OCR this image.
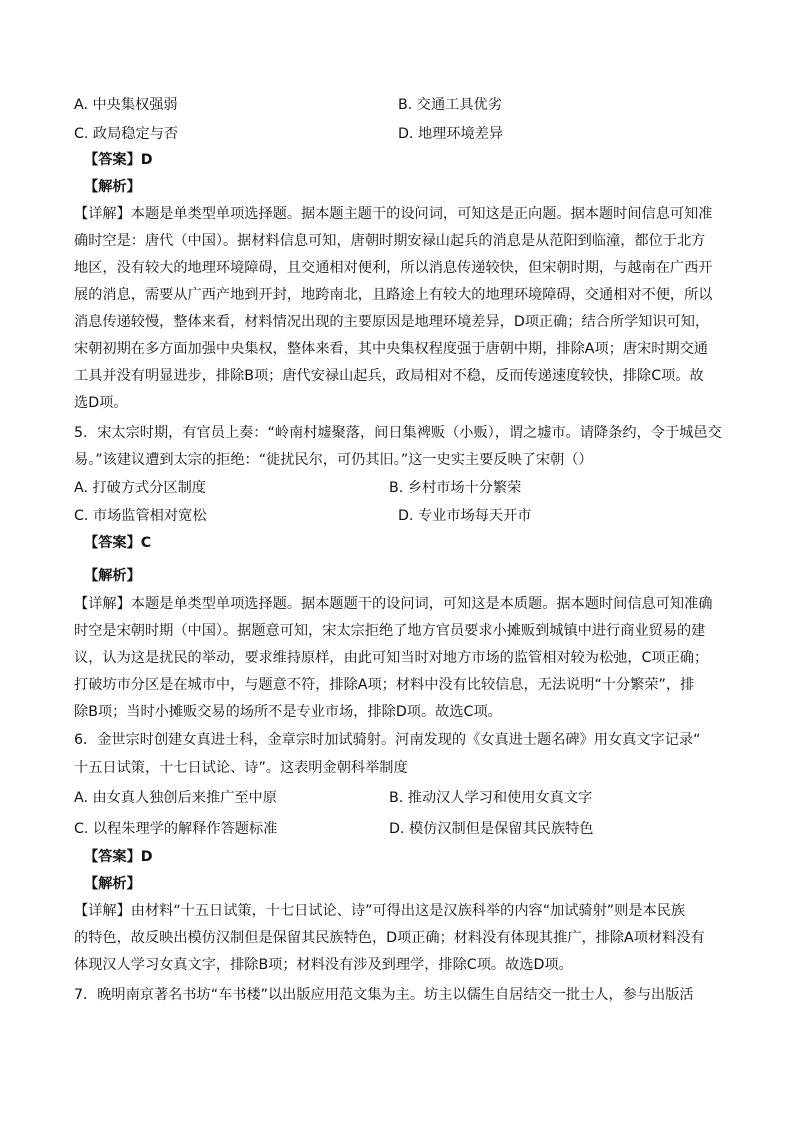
A. 中央集权强弱	B. 交通工具优劣
C. 政局稳定与否	D. 地理环境差异
【答案】D
【解析】
【详解】本题是单类型单项选择题。据本题主题干的设问词，可知这是正向题。据本题时间信息可知准
确时空是：唐代（中国）。据材料信息可知，唐朝时期安禄山起兵的消息是从范阳到临潼，都位于北方
地区，没有较大的地理环境障碍，且交通相对便利，所以消息传递较快，但宋朝时期，与越南在广西开
展的消息，需要从广西产地到开封，地跨南北，且路途上有较大的地理环境障碍，交通相对不便，所以
消息传递较慢，整体来看，材料情况出现的主要原因是地理环境差异，D项正确；结合所学知识可知，
宋朝初期在多方面加强中央集权，整体来看，其中央集权程度强于唐朝中期，排除A项；唐宋时期交通
工具并没有明显进步，排除B项；唐代安禄山起兵，政局相对不稳，反而传递速度较快，排除C项。故
选D项。
5．宋太宗时期，有官员上奏：“岭南村墟聚落，间日集裨贩（小贩），谓之墟市。请降条约，令于城邑交
易。”该建议遭到太宗的拒绝：“徙扰民尔，可仍其旧。”这一史实主要反映了宋朝（）
A. 打破方式分区制度	B. 乡村市场十分繁荣
C. 市场监管相对宽松	D. 专业市场每天开市
【答案】C
【解析】
【详解】本题是单类型单项选择题。据本题题干的设问词，可知这是本质题。据本题时间信息可知准确
时空是宋朝时期（中国）。据题意可知，宋太宗拒绝了地方官员要求小摊贩到城镇中进行商业贸易的建
议，认为这是扰民的举动，要求维持原样，由此可知当时对地方市场的监管相对较为松弛，C项正确；
打破坊市分区是在城市中，与题意不符，排除A项；材料中没有比较信息，无法说明“十分繁荣”，排
除B项；当时小摊贩交易的场所不是专业市场，排除D项。故选C项。
6．金世宗时创建女真进士科，金章宗时加试骑射。河南发现的《女真进士题名碑》用女真文字记录“
十五日试策，十七日试论、诗”。这表明金朝科举制度
A. 由女真人独创后来推广至中原	B. 推动汉人学习和使用女真文字
C. 以程朱理学的解释作答题标准	D. 模仿汉制但是保留其民族特色
【答案】D
【解析】
【详解】由材料“十五日试策，十七日试论、诗”可得出这是汉族科举的内容“加试骑射”则是本民族
的特色，故反映出模仿汉制但是保留其民族特色，D项正确；材料没有体现其推广，排除A项材料没有
体现汉人学习女真文字，排除B项；材料没有涉及到理学，排除C项。故选D项。
7．晚明南京著名书坊“车书楼”以出版应用范文集为主。坊主以儒生自居结交一批士人，参与出版活
